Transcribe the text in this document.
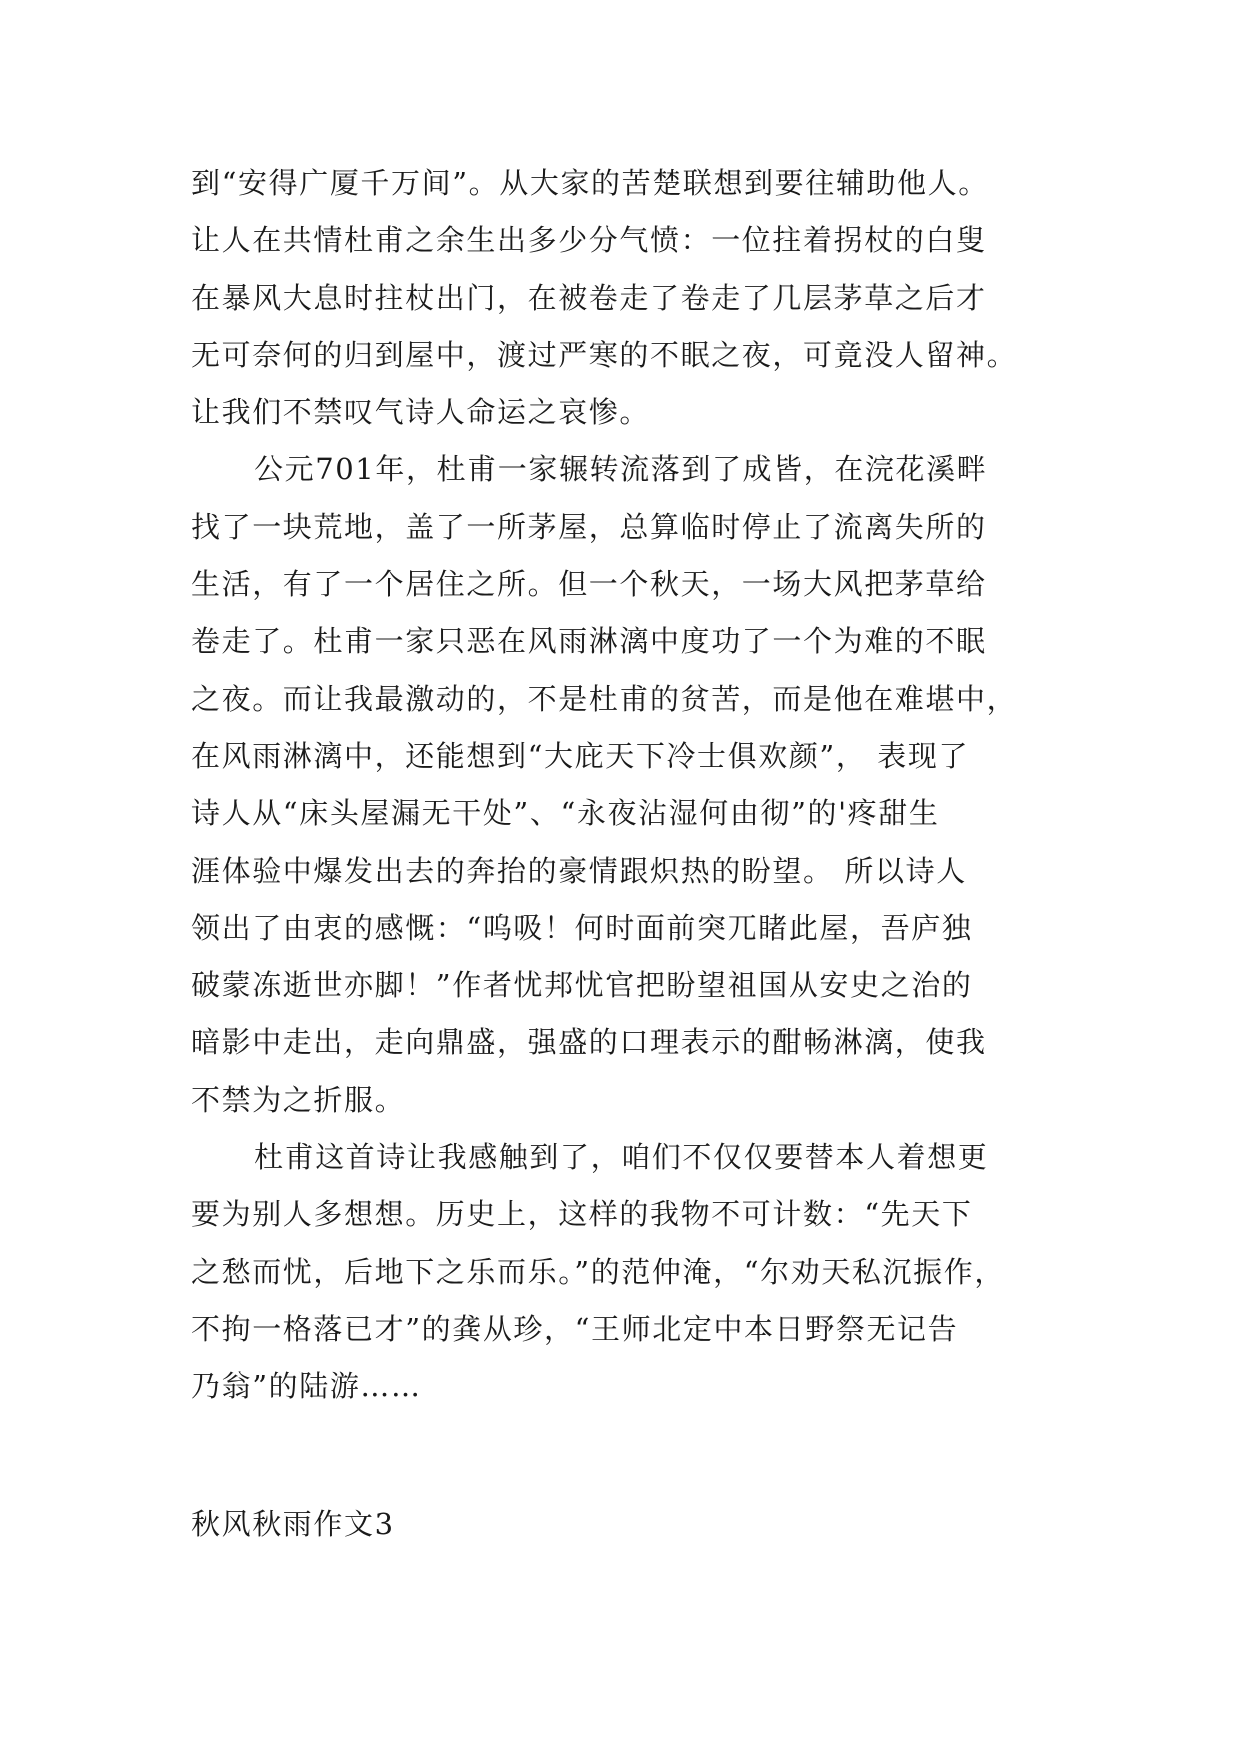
到“安得广厦千万间”。从大家的苦楚联想到要往辅助他人。
让人在共情杜甫之余生出多少分气愤：一位拄着拐杖的白叟
在暴风大息时拄杖出门，在被卷走了卷走了几层茅草之后才
无可奈何的归到屋中，渡过严寒的不眠之夜，可竟没人留神。
让我们不禁叹气诗人命运之哀惨。
公元701年，杜甫一家辗转流落到了成皆，在浣花溪畔
找了一块荒地，盖了一所茅屋，总算临时停止了流离失所的
生活，有了一个居住之所。但一个秋天，一场大风把茅草给
卷走了。杜甫一家只恶在风雨淋漓中度功了一个为难的不眠
之夜。而让我最激动的，不是杜甫的贫苦，而是他在难堪中，
在风雨淋漓中，还能想到“大庇天下冷士俱欢颜”， 表现了
诗人从“床头屋漏无干处”、“永夜沾湿何由彻”的'疼甜生
涯体验中爆发出去的奔抬的豪情跟炽热的盼望。 所以诗人
领出了由衷的感慨：“呜吸！何时面前突兀睹此屋，吾庐独
破蒙冻逝世亦脚！”作者忧邦忧官把盼望祖国从安史之治的
暗影中走出，走向鼎盛，强盛的口理表示的酣畅淋漓，使我
不禁为之折服。
杜甫这首诗让我感触到了，咱们不仅仅要替本人着想更
要为别人多想想。历史上，这样的我物不可计数：“先天下
之愁而忧，后地下之乐而乐。”的范仲淹，“尔劝天私沉振作，
不拘一格落已才”的龚从珍，“王师北定中本日野祭无记告
乃翁”的陆游……
秋风秋雨作文3
